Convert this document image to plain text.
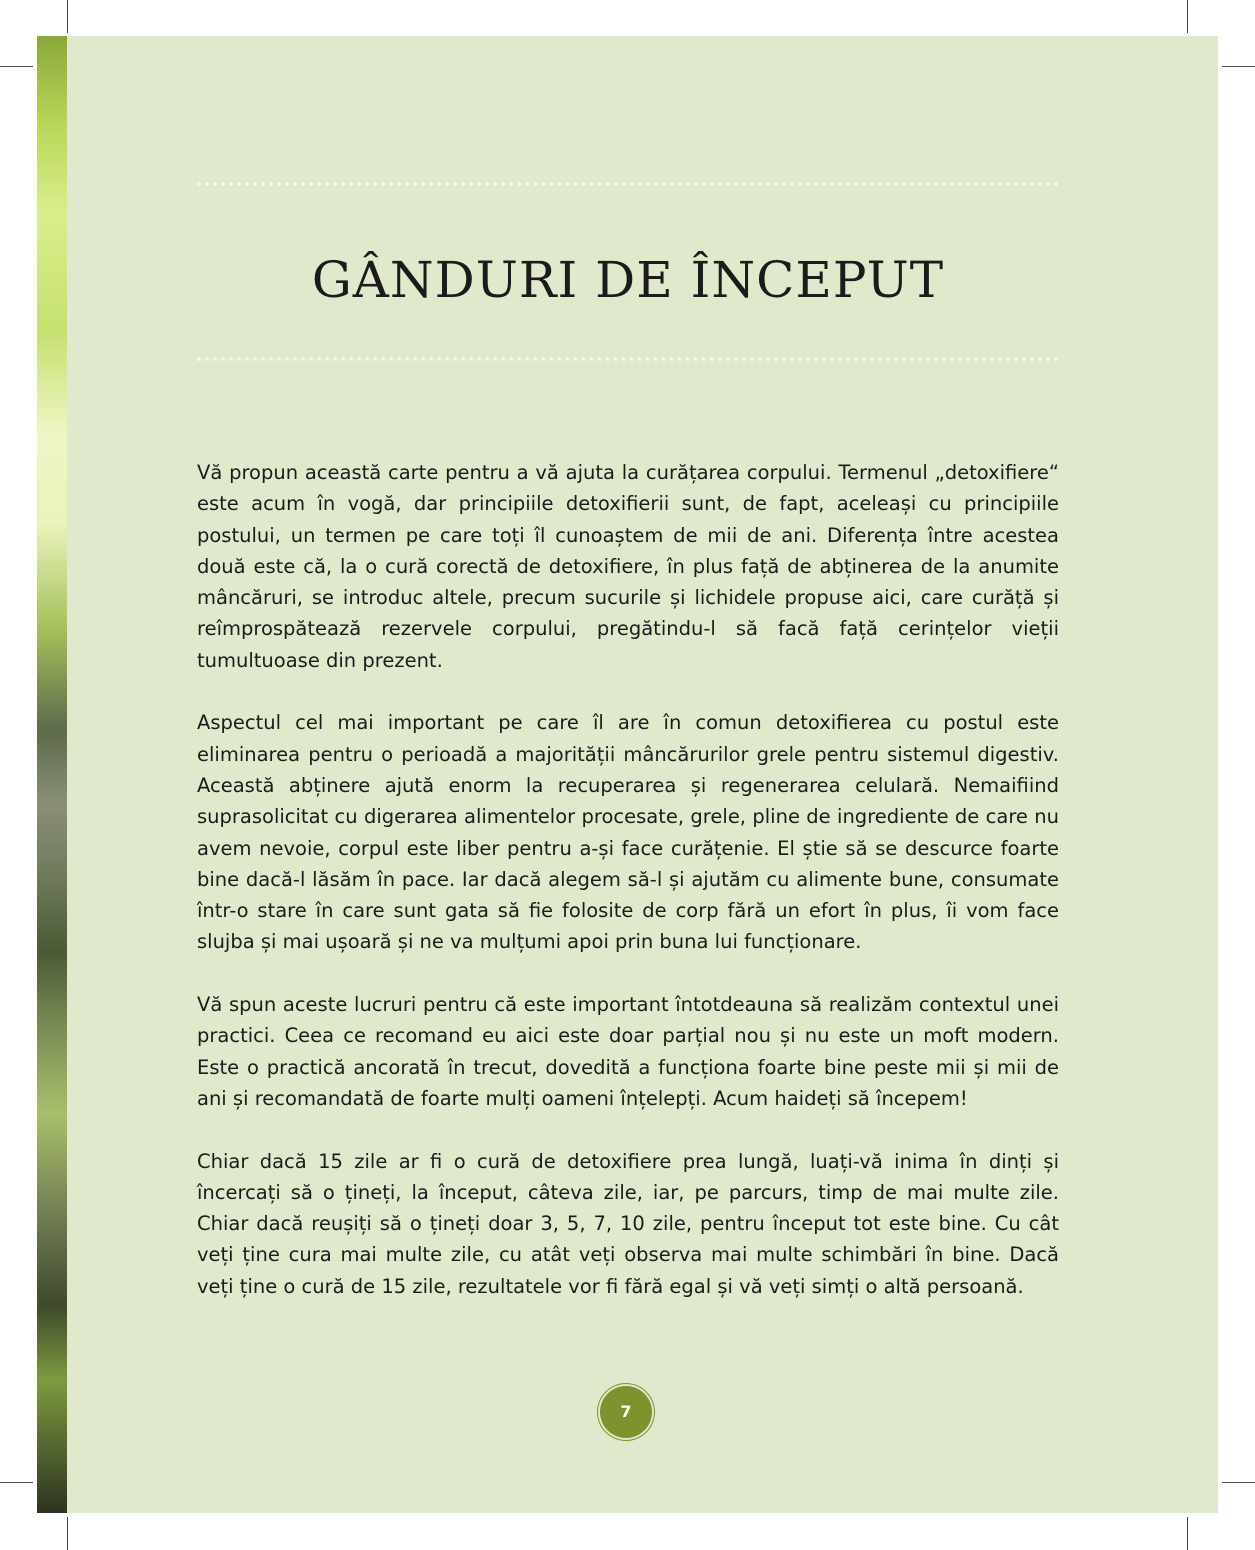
GÂNDURI DE ÎNCEPUT

Vă propun această carte pentru a vă ajuta la curățarea corpului. Termenul „detoxifiere“ este acum în vogă, dar principiile detoxifierii sunt, de fapt, aceleași cu principiile postului, un termen pe care toți îl cunoaștem de mii de ani. Diferența între acestea două este că, la o cură corectă de detoxifiere, în plus față de abținerea de la anumite mâncăruri, se introduc altele, precum sucurile și lichidele propuse aici, care curăță și reîmprospătează rezervele corpului, pregătindu-l să facă față cerințelor vieții tumultuoase din prezent.

Aspectul cel mai important pe care îl are în comun detoxifierea cu postul este eliminarea pentru o perioadă a majorității mâncărurilor grele pentru sistemul digestiv. Această abținere ajută enorm la recuperarea și regenerarea celulară. Nemaifiind suprasolicitat cu digerarea alimentelor procesate, grele, pline de ingrediente de care nu avem nevoie, corpul este liber pentru a-și face curățenie. El știe să se descurce foarte bine dacă-l lăsăm în pace. Iar dacă alegem să-l și ajutăm cu alimente bune, consumate într-o stare în care sunt gata să fie folosite de corp fără un efort în plus, îi vom face slujba și mai ușoară și ne va mulțumi apoi prin buna lui funcționare.

Vă spun aceste lucruri pentru că este important întotdeauna să realizăm contextul unei practici. Ceea ce recomand eu aici este doar parțial nou și nu este un moft modern. Este o practică ancorată în trecut, dovedită a funcționa foarte bine peste mii și mii de ani și recomandată de foarte mulți oameni înțelepți. Acum haideți să începem!

Chiar dacă 15 zile ar fi o cură de detoxifiere prea lungă, luați-vă inima în dinți și încercați să o țineți, la început, câteva zile, iar, pe parcurs, timp de mai multe zile. Chiar dacă reușiți să o țineți doar 3, 5, 7, 10 zile, pentru început tot este bine. Cu cât veți ține cura mai multe zile, cu atât veți observa mai multe schimbări în bine. Dacă veți ține o cură de 15 zile, rezultatele vor fi fără egal și vă veți simți o altă persoană.

7
